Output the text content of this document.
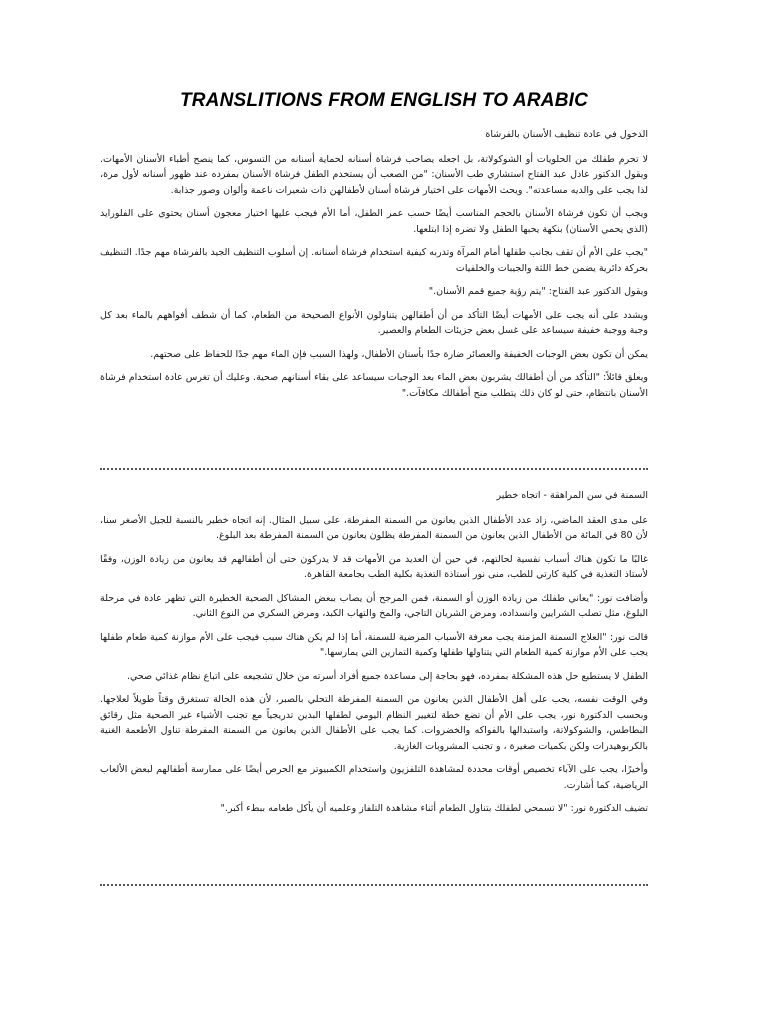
TRANSLITIONS FROM ENGLISH TO ARABIC
الدخول في عادة تنظيف الأسنان بالفرشاة

لا تحرم طفلك من الحلويات أو الشوكولاتة، بل اجعله يصاحب فرشاة أسنانه لحماية أسنانه من التسوس، كما ينصح أطباء الأسنان الأمهات. ويقول الدكتور عادل عبد الفتاح استشاري طب الأسنان: "من الصعب أن يستخدم الطفل فرشاة الأسنان بمفرده عند ظهور أسنانه لأول مرة، لذا يجب على والديه مساعدته". ويحث الأمهات على اختيار فرشاة أسنان لأطفالهن ذات شعيرات ناعمة وألوان وصور جذابة.

ويجب أن تكون فرشاة الأسنان بالحجم المناسب أيضًا حسب عمر الطفل، أما الأم فيجب عليها اختيار معجون أسنان يحتوي على الفلورايد (الذي يحمي الأسنان) بنكهة يحبها الطفل ولا تضره إذا ابتلعها.

"يجب على الأم أن تقف بجانب طفلها أمام المرآة وتدربه كيفية استخدام فرشاة أسنانه. إن أسلوب التنظيف الجيد بالفرشاة مهم جدًا. التنظيف بحركة دائرية يضمن خط اللثة والجيبات والخلفيات

ويقول الدكتور عبد الفتاح: "يتم رؤية جميع قمم الأسنان."

ويشدد على أنه يجب على الأمهات أيضًا التأكد من أن أطفالهن يتناولون الأنواع الصحيحة من الطعام، كما أن شطف أفواههم بالماء بعد كل وجبة ووجبة خفيفة سيساعد على غسل بعض جزيئات الطعام والعصير.

يمكن أن تكون بعض الوجبات الخفيفة والعصائر ضارة جدًا بأسنان الأطفال، ولهذا السبب فإن الماء مهم جدًا للحفاظ على صحتهم.

ويعلق قائلاً: "التأكد من أن أطفالك يشربون بعض الماء بعد الوجبات سيساعد على بقاء أسنانهم صحية. وعليك أن تغرس عادة استخدام فرشاة الأسنان بانتظام، حتى لو كان ذلك يتطلب منح أطفالك مكافآت."

السمنة في سن المراهقة - اتجاه خطير

على مدى العقد الماضي، زاد عدد الأطفال الذين يعانون من السمنة المفرطة، على سبيل المثال. إنه اتجاه خطير بالنسبة للجيل الأصغر سنا، لأن 80 في المائة من الأطفال الذين يعانون من السمنة المفرطة يظلون يعانون من السمنة المفرطة بعد البلوغ.

غالبًا ما تكون هناك أسباب نفسية لحالتهم، في حين أن العديد من الأمهات قد لا يدركون حتى أن أطفالهم قد يعانون من زيادة الوزن، وفقًا لأستاذ التغذية في كلية كارتي للطب، منى نور أستاذة التغذية بكلية الطب بجامعة القاهرة.

وأضافت نور: "يعاني طفلك من زيادة الوزن أو السمنة، فمن المرجح أن يصاب ببعض المشاكل الصحية الخطيرة التي تظهر عادة في مرحلة البلوغ، مثل تصلب الشرايين وانسداده، ومرض الشريان التاجي، والمخ والتهاب الكبد، ومرض السكري من النوع الثاني.

قالت نور: "العلاج السمنة المزمنة يجب معرفة الأسباب المرضية للسمنة، أما إذا لم يكن هناك سبب فيجب على الأم موازنة كمية طعام طفلها يجب على الأم موازنة كمية الطعام التي يتناولها طفلها وكمية التمارين التي يمارسها."

الطفل لا يستطيع حل هذه المشكلة بمفرده، فهو بحاجة إلى مساعدة جميع أفراد أسرته من خلال تشجيعه على اتباع نظام غذائي صحي.

وفي الوقت نفسه، يجب على أهل الأطفال الذين يعانون من السمنة المفرطة التحلي بالصبر، لأن هذه الحالة تستغرق وقتاً طويلاً لعلاجها. وبحسب الدكتورة نور، يجب على الأم أن تضع خطة لتغيير النظام اليومي لطفلها البدين تدريجياً مع تجنب الأشياء غير الصحية مثل رقائق البطاطس، والشوكولاتة، واستبدالها بالفواكه والخضروات. كما يجب على الأطفال الذين يعانون من السمنة المفرطة تناول الأطعمة الغنية بالكربوهيدرات ولكن بكميات صغيرة ، و تجنب المشروبات الغازية.

وأخيرًا، يجب على الآباء تخصيص أوقات محددة لمشاهدة التلفزيون واستخدام الكمبيوتر مع الحرص أيضًا على ممارسة أطفالهم لبعض الألعاب الرياضية، كما أشارت.

تضيف الدكتورة نور: "لا تسمحي لطفلك بتناول الطعام أثناء مشاهدة التلفاز وعلميه أن يأكل طعامه ببطء أكبر."
